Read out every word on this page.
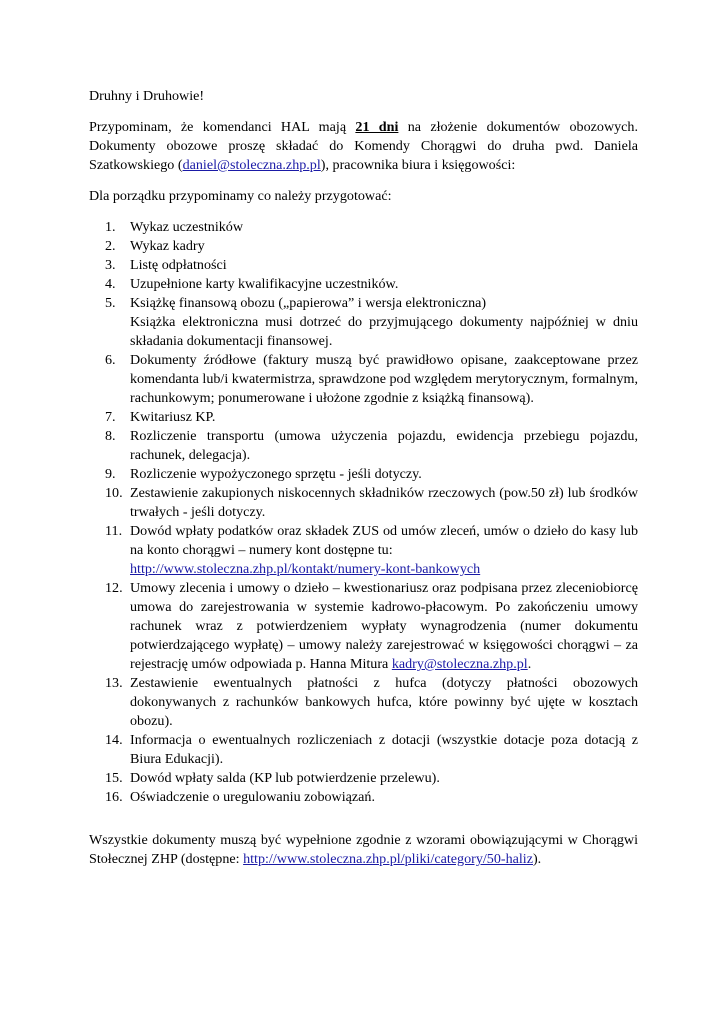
Druhny i Druhowie!

Przypominam, że komendanci HAL mają 21 dni na złożenie dokumentów obozowych. Dokumenty obozowe proszę składać do Komendy Chorągwi do druha pwd. Daniela Szatkowskiego (daniel@stoleczna.zhp.pl), pracownika biura i księgowości:

Dla porządku przypominamy co należy przygotować:

1.	Wykaz uczestników
2.	Wykaz kadry
3.	Listę odpłatności
4.	Uzupełnione karty kwalifikacyjne uczestników.
5.	Książkę finansową obozu („papierowa” i wersja elektroniczna)
Książka elektroniczna musi dotrzeć do przyjmującego dokumenty najpóźniej w dniu składania dokumentacji finansowej.
6.	Dokumenty źródłowe (faktury muszą być prawidłowo opisane, zaakceptowane przez komendanta lub/i kwatermistrza, sprawdzone pod względem merytorycznym, formalnym, rachunkowym; ponumerowane i ułożone zgodnie z książką finansową).
7.	Kwitariusz KP.
8.	Rozliczenie transportu (umowa użyczenia pojazdu, ewidencja przebiegu pojazdu, rachunek, delegacja).
9.	Rozliczenie wypożyczonego sprzętu - jeśli dotyczy.
10. Zestawienie zakupionych niskocennych składników rzeczowych (pow.50 zł) lub środków trwałych - jeśli dotyczy.
11. Dowód wpłaty podatków oraz składek ZUS od umów zleceń, umów o dzieło do kasy lub na konto chorągwi – numery kont dostępne tu:
http://www.stoleczna.zhp.pl/kontakt/numery-kont-bankowych
12. Umowy zlecenia i umowy o dzieło – kwestionariusz oraz podpisana przez zleceniobiorcę umowa do zarejestrowania w systemie kadrowo-płacowym. Po zakończeniu umowy rachunek wraz z potwierdzeniem wypłaty wynagrodzenia (numer dokumentu potwierdzającego wypłatę) – umowy należy zarejestrować w księgowości chorągwi – za rejestrację umów odpowiada p. Hanna Mitura kadry@stoleczna.zhp.pl.
13. Zestawienie ewentualnych płatności z hufca (dotyczy płatności obozowych dokonywanych z rachunków bankowych hufca, które powinny być ujęte w kosztach obozu).
14. Informacja o ewentualnych rozliczeniach z dotacji (wszystkie dotacje poza dotacją z Biura Edukacji).
15. Dowód wpłaty salda (KP lub potwierdzenie przelewu).
16. Oświadczenie o uregulowaniu zobowiązań.

Wszystkie dokumenty muszą być wypełnione zgodnie z wzorami obowiązującymi w Chorągwi Stołecznej ZHP (dostępne: http://www.stoleczna.zhp.pl/pliki/category/50-haliz).
